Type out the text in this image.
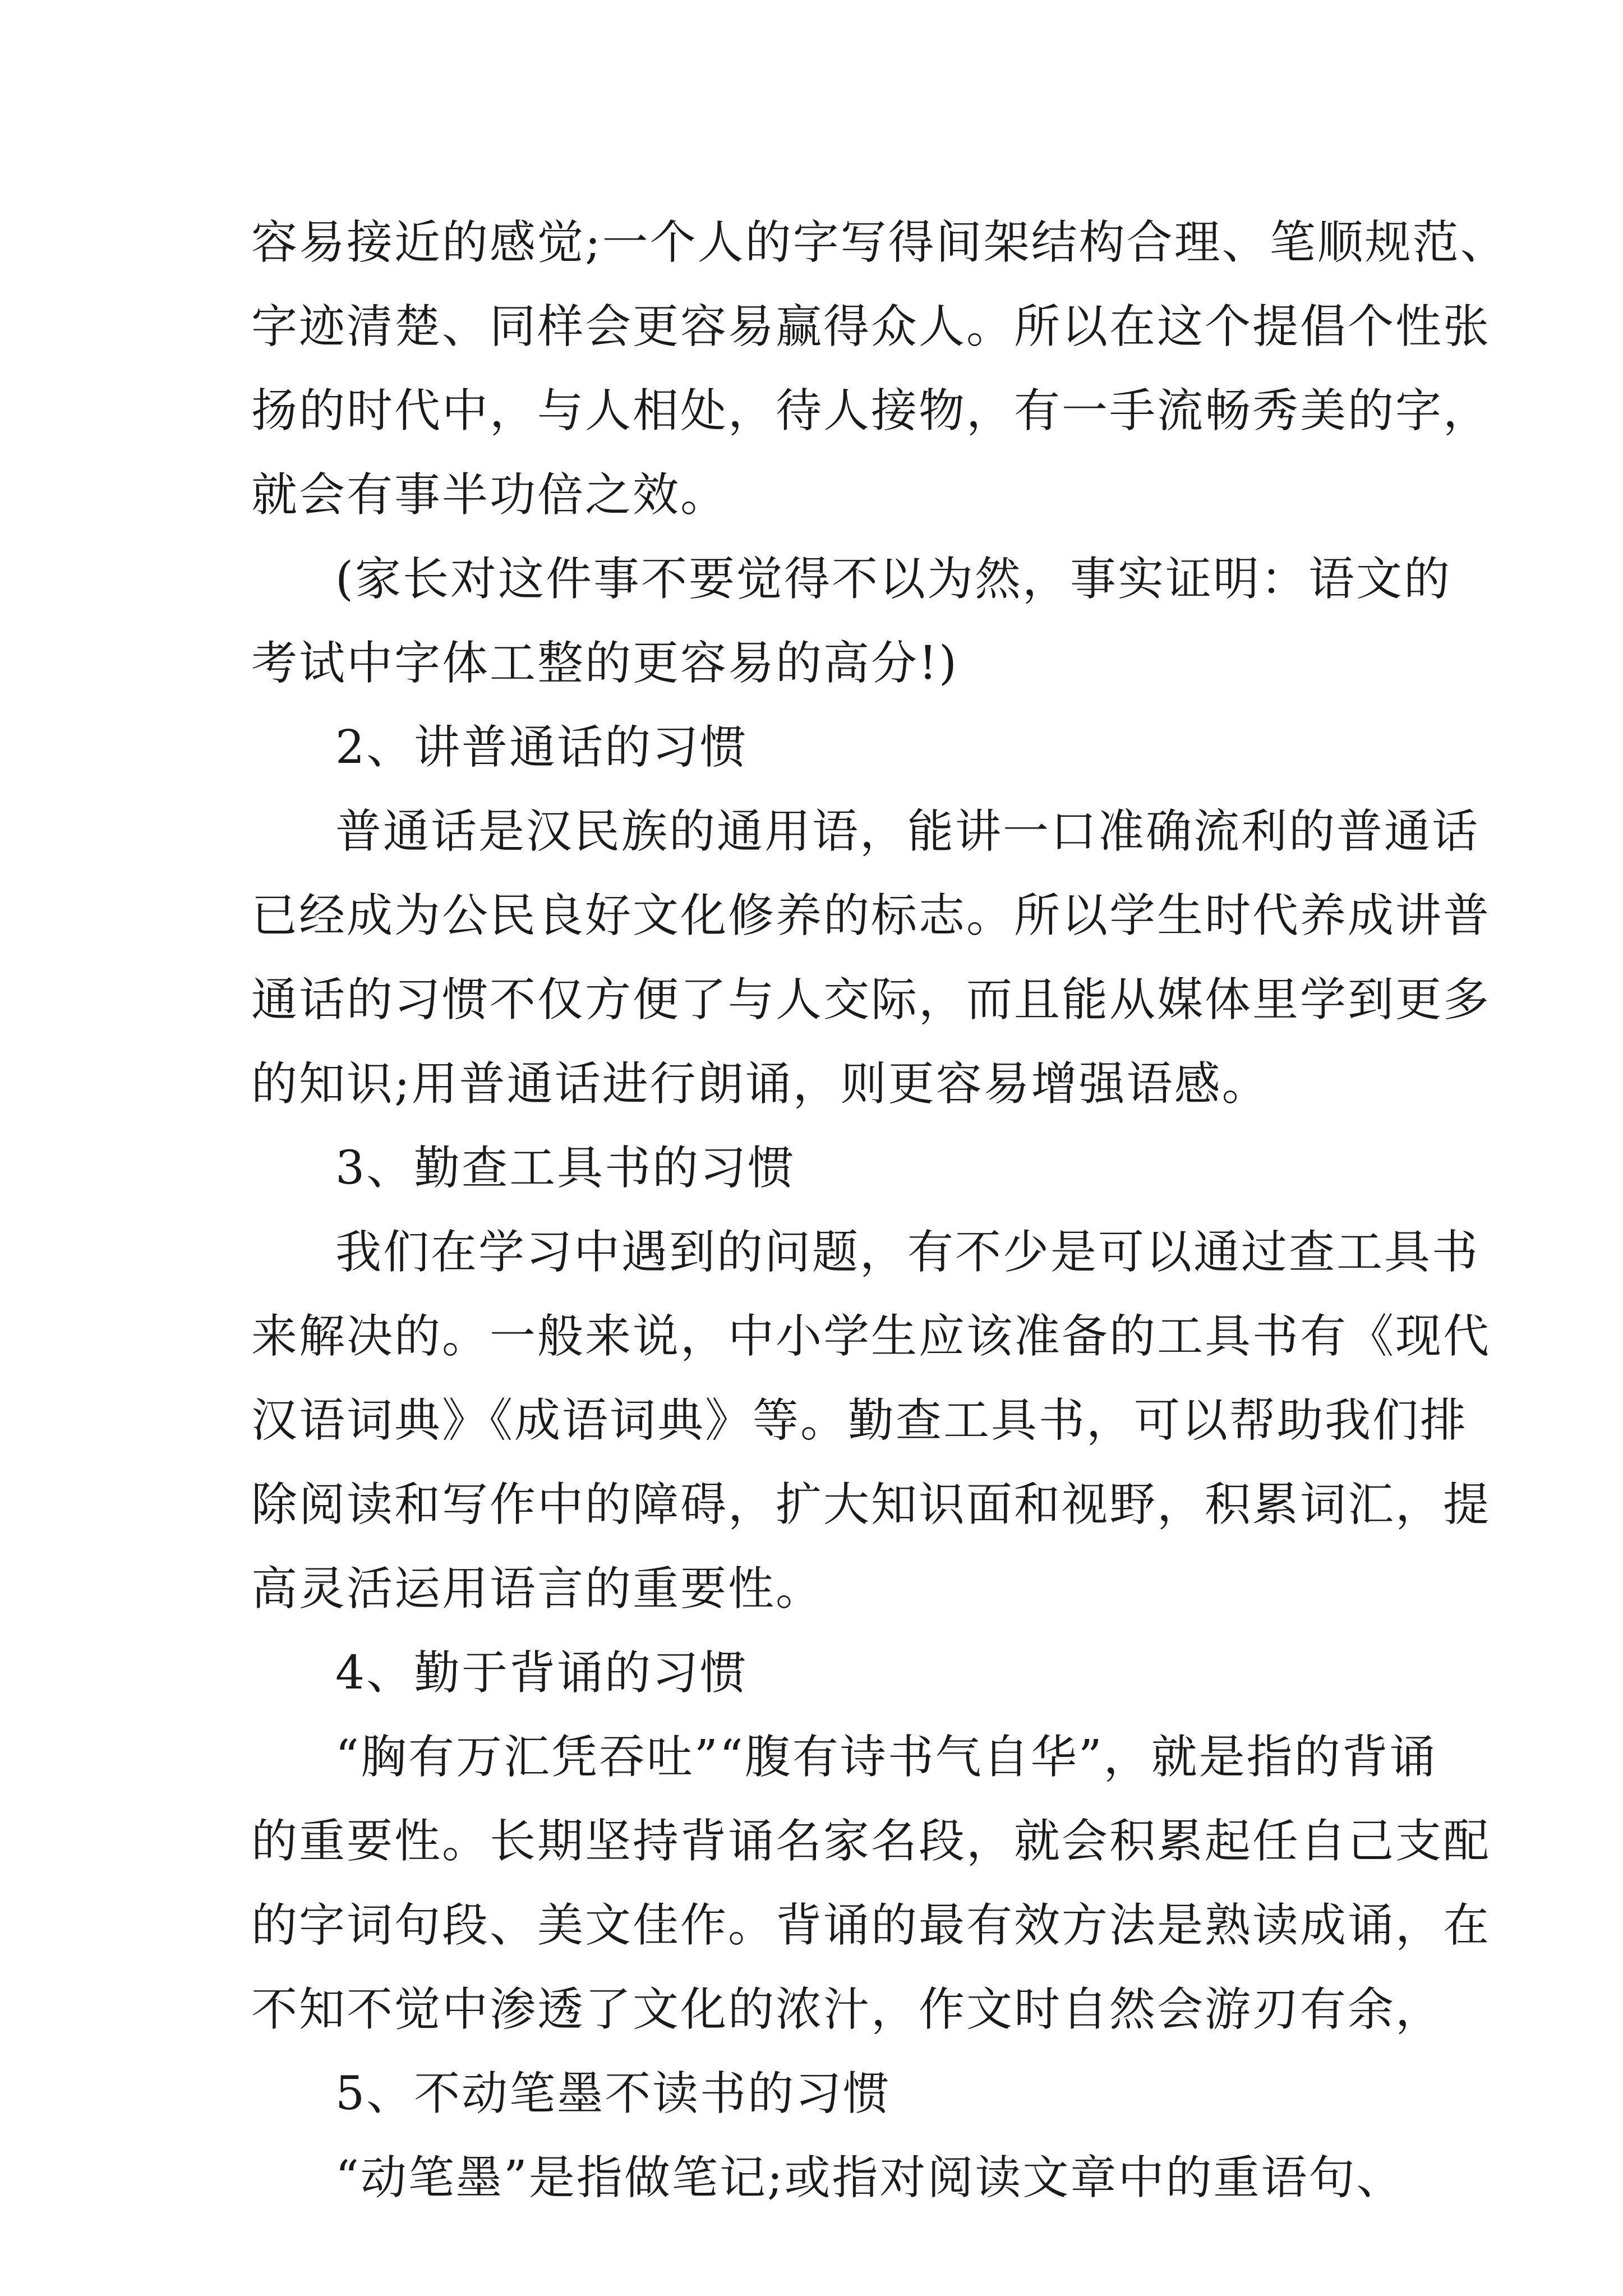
容易接近的感觉;一个人的字写得间架结构合理、笔顺规范、
字迹清楚、同样会更容易赢得众人。所以在这个提倡个性张
扬的时代中，与人相处，待人接物，有一手流畅秀美的字，
就会有事半功倍之效。
(家长对这件事不要觉得不以为然，事实证明：语文的
考试中字体工整的更容易的高分!)
2、讲普通话的习惯
普通话是汉民族的通用语，能讲一口准确流利的普通话
已经成为公民良好文化修养的标志。所以学生时代养成讲普
通话的习惯不仅方便了与人交际，而且能从媒体里学到更多
的知识;用普通话进行朗诵，则更容易增强语感。
3、勤查工具书的习惯
我们在学习中遇到的问题，有不少是可以通过查工具书
来解决的。一般来说，中小学生应该准备的工具书有《现代
汉语词典》《成语词典》等。勤查工具书，可以帮助我们排
除阅读和写作中的障碍，扩大知识面和视野，积累词汇，提
高灵活运用语言的重要性。
4、勤于背诵的习惯
“胸有万汇凭吞吐”“腹有诗书气自华”，就是指的背诵
的重要性。长期坚持背诵名家名段，就会积累起任自己支配
的字词句段、美文佳作。背诵的最有效方法是熟读成诵，在
不知不觉中渗透了文化的浓汁，作文时自然会游刃有余，
5、不动笔墨不读书的习惯
“动笔墨”是指做笔记;或指对阅读文章中的重语句、
